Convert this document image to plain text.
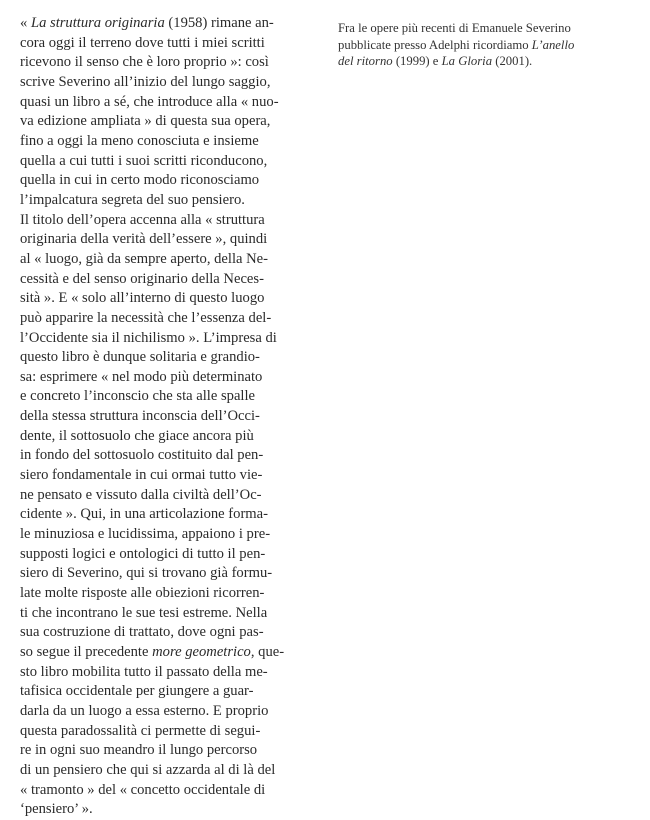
« La struttura originaria (1958) rimane an-
cora oggi il terreno dove tutti i miei scritti
ricevono il senso che è loro proprio »: così
scrive Severino all’inizio del lungo saggio,
quasi un libro a sé, che introduce alla « nuo-
va edizione ampliata » di questa sua opera,
fino a oggi la meno conosciuta e insieme
quella a cui tutti i suoi scritti riconducono,
quella in cui in certo modo riconosciamo
l’impalcatura segreta del suo pensiero.
Il titolo dell’opera accenna alla « struttura
originaria della verità dell’essere », quindi
al « luogo, già da sempre aperto, della Ne-
cessità e del senso originario della Neces-
sità ». E « solo all’interno di questo luogo
può apparire la necessità che l’essenza del-
l’Occidente sia il nichilismo ». L’impresa di
questo libro è dunque solitaria e grandio-
sa: esprimere « nel modo più determinato
e concreto l’inconscio che sta alle spalle
della stessa struttura inconscia dell’Occi-
dente, il sottosuolo che giace ancora più
in fondo del sottosuolo costituito dal pen-
siero fondamentale in cui ormai tutto vie-
ne pensato e vissuto dalla civiltà dell’Oc-
cidente ». Qui, in una articolazione forma-
le minuziosa e lucidissima, appaiono i pre-
supposti logici e ontologici di tutto il pen-
siero di Severino, qui si trovano già formu-
late molte risposte alle obiezioni ricorren-
ti che incontrano le sue tesi estreme. Nella
sua costruzione di trattato, dove ogni pas-
so segue il precedente more geometrico, que-
sto libro mobilita tutto il passato della me-
tafisica occidentale per giungere a guar-
darla da un luogo a essa esterno. E proprio
questa paradossalità ci permette di segui-
re in ogni suo meandro il lungo percorso
di un pensiero che qui si azzarda al di là del
« tramonto » del « concetto occidentale di
‘pensiero’ ».
Fra le opere più recenti di Emanuele Severino
pubblicate presso Adelphi ricordiamo L’anello
del ritorno (1999) e La Gloria (2001).
